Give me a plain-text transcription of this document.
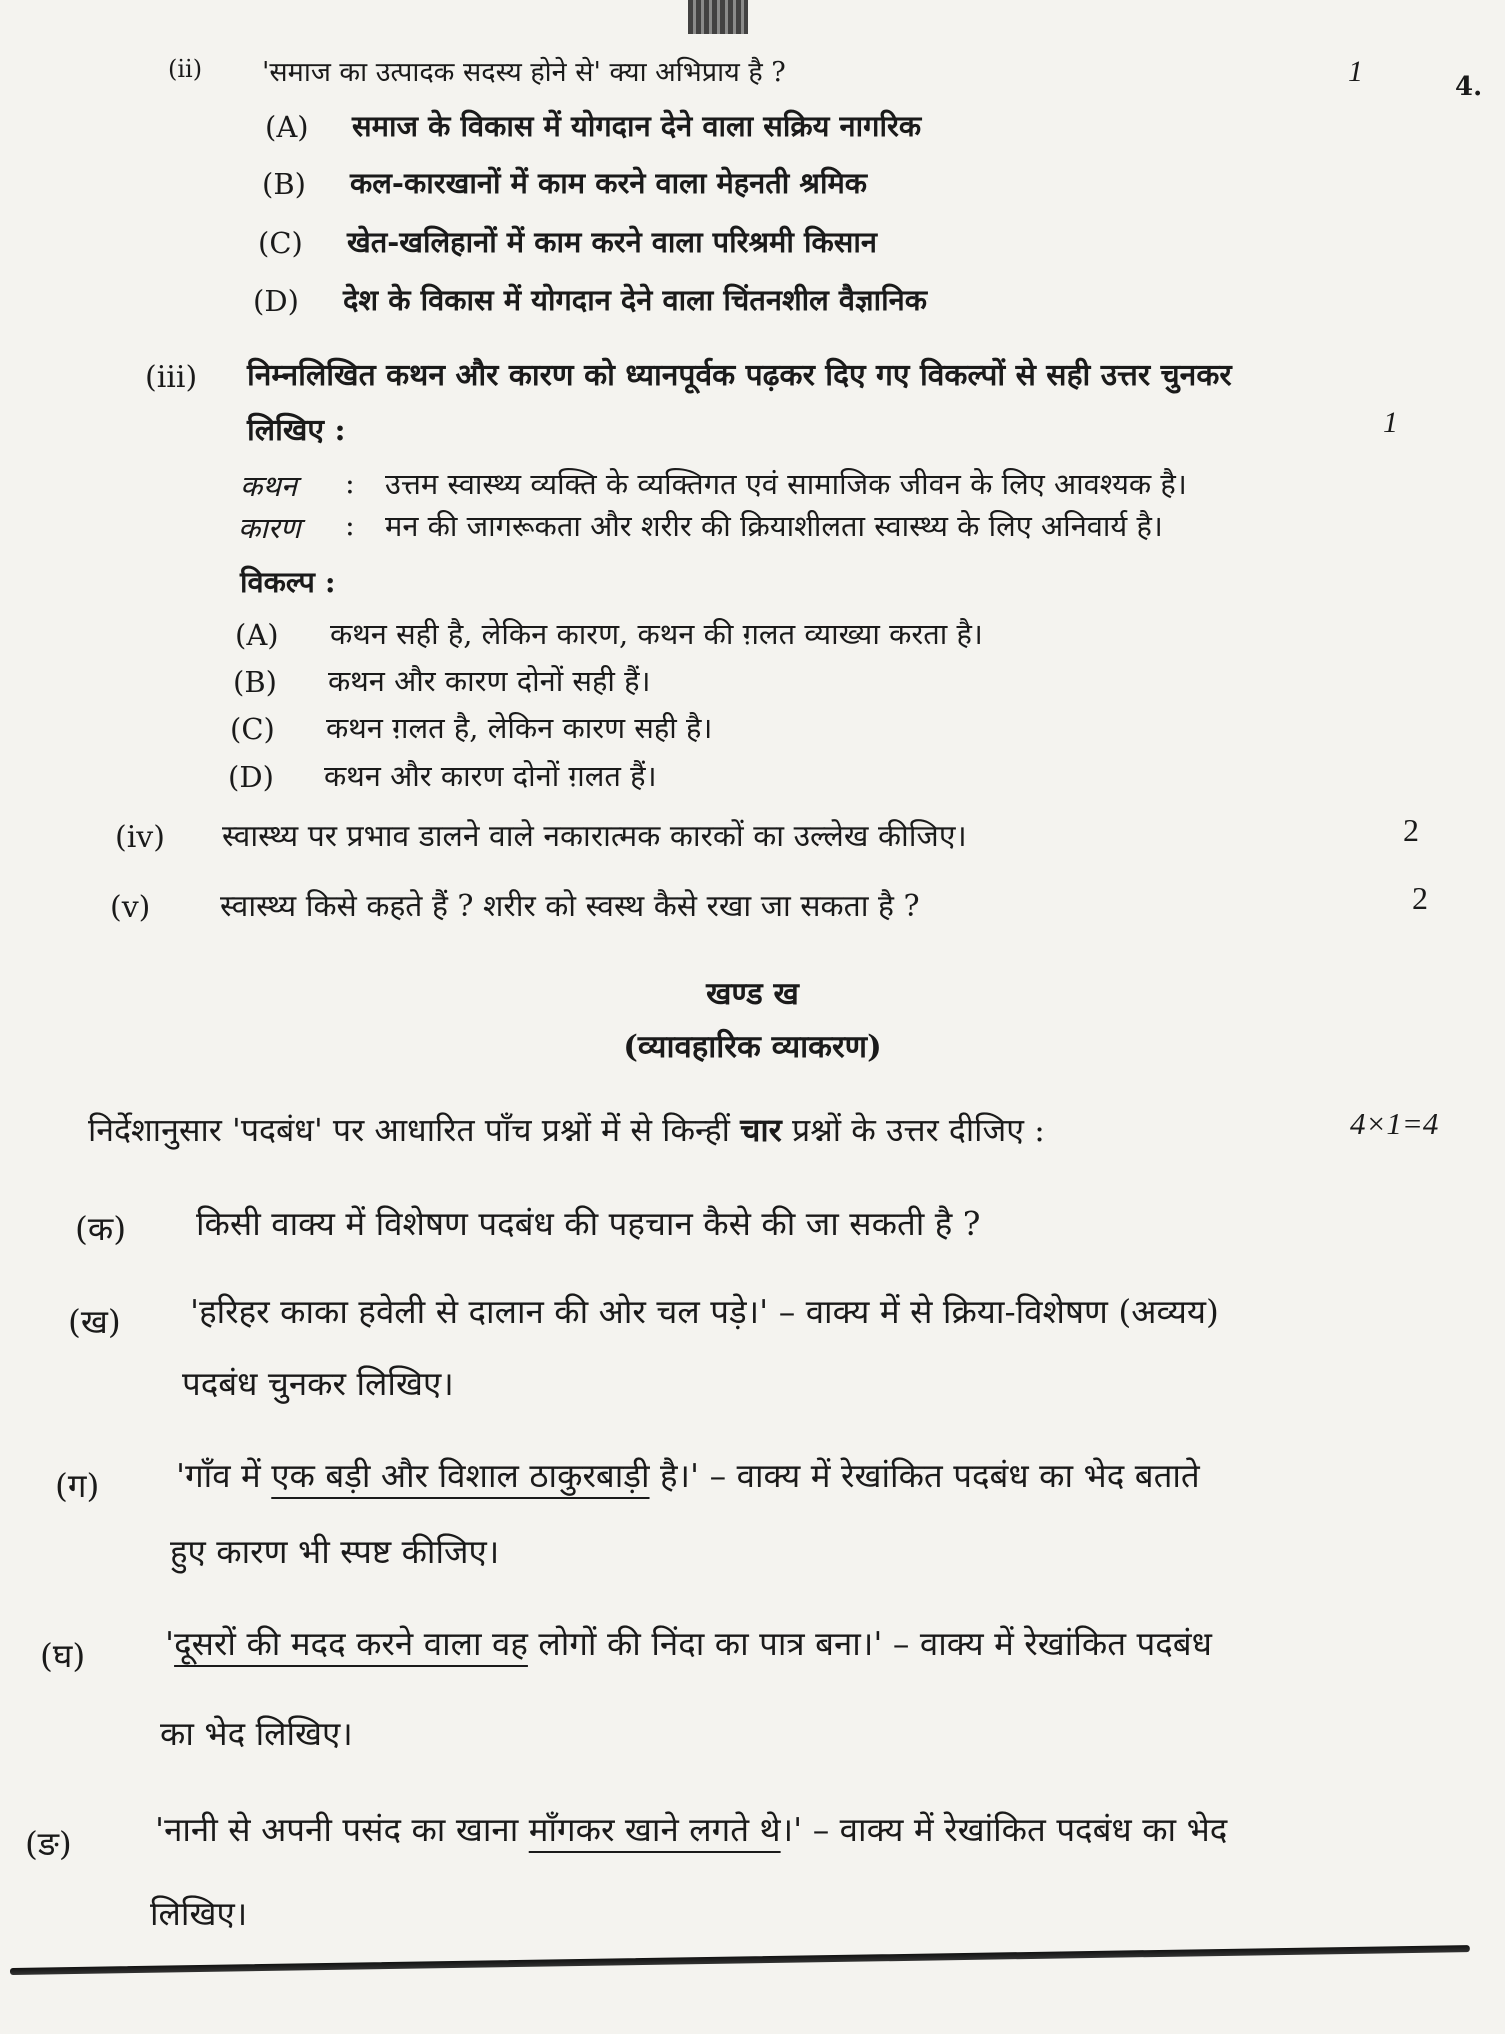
4.
(ii) 'समाज का उत्पादक सदस्य होने से' क्या अभिप्राय है ?	1
(A) समाज के विकास में योगदान देने वाला सक्रिय नागरिक
(B) कल-कारखानों में काम करने वाला मेहनती श्रमिक
(C) खेत-खलिहानों में काम करने वाला परिश्रमी किसान
(D) देश के विकास में योगदान देने वाला चिंतनशील वैज्ञानिक
(iii) निम्नलिखित कथन और कारण को ध्यानपूर्वक पढ़कर दिए गए विकल्पों से सही उत्तर चुनकर
लिखिए :	1
कथन : उत्तम स्वास्थ्य व्यक्ति के व्यक्तिगत एवं सामाजिक जीवन के लिए आवश्यक है।
कारण : मन की जागरूकता और शरीर की क्रियाशीलता स्वास्थ्य के लिए अनिवार्य है।
विकल्प :
(A) कथन सही है, लेकिन कारण, कथन की ग़लत व्याख्या करता है।
(B) कथन और कारण दोनों सही हैं।
(C) कथन ग़लत है, लेकिन कारण सही है।
(D) कथन और कारण दोनों ग़लत हैं।
(iv) स्वास्थ्य पर प्रभाव डालने वाले नकारात्मक कारकों का उल्लेख कीजिए।	2
(v) स्वास्थ्य किसे कहते हैं ? शरीर को स्वस्थ कैसे रखा जा सकता है ?	2
खण्ड ख
(व्यावहारिक व्याकरण)
निर्देशानुसार 'पदबंध' पर आधारित पाँच प्रश्नों में से किन्हीं चार प्रश्नों के उत्तर दीजिए :	4×1=4
(क) किसी वाक्य में विशेषण पदबंध की पहचान कैसे की जा सकती है ?
(ख) 'हरिहर काका हवेली से दालान की ओर चल पड़े।' – वाक्य में से क्रिया-विशेषण (अव्यय)
पदबंध चुनकर लिखिए।
(ग) 'गाँव में एक बड़ी और विशाल ठाकुरबाड़ी है।' – वाक्य में रेखांकित पदबंध का भेद बताते
हुए कारण भी स्पष्ट कीजिए।
(घ) 'दूसरों की मदद करने वाला वह लोगों की निंदा का पात्र बना।' – वाक्य में रेखांकित पदबंध
का भेद लिखिए।
(ङ)	'नानी से अपनी पसंद का खाना माँगकर खाने लगते थे।' – वाक्य में रेखांकित पदबंध का भेद
लिखिए।
